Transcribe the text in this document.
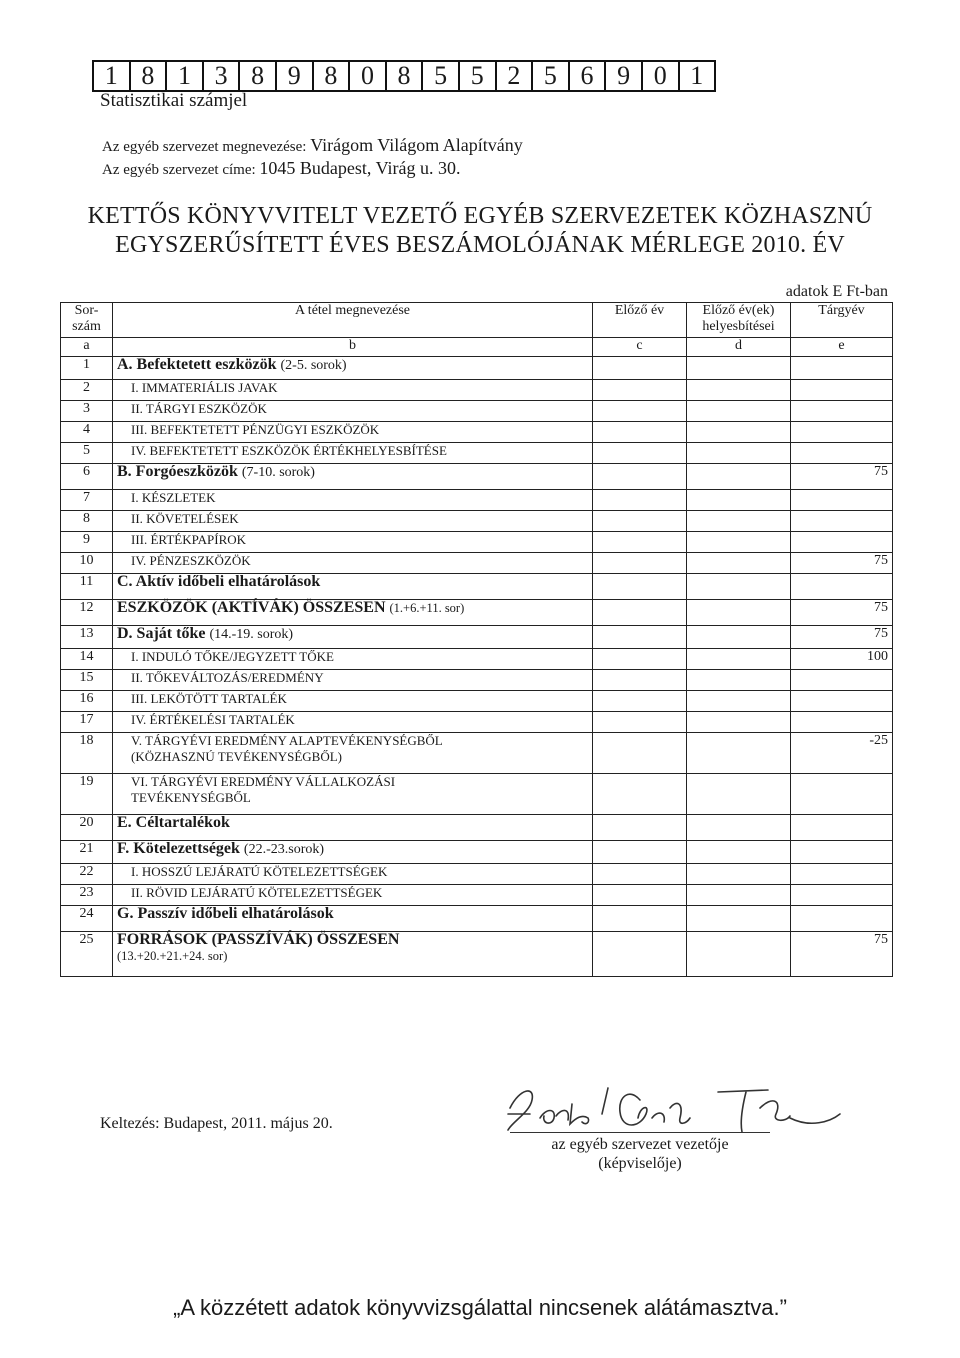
1 8 1 3 8 9 8 0 8 5 5 2 5 6 9 0 1
Statisztikai számjel
Az egyéb szervezet megnevezése: Virágom Világom Alapítvány
Az egyéb szervezet címe: 1045 Budapest, Virág u. 30.
KETTŐS KÖNYVVITELT VEZETŐ EGYÉB SZERVEZETEK KÖZHASZNÚ
EGYSZERŰSÍTETT ÉVES BESZÁMOLÓJÁNAK MÉRLEGE 2010. ÉV
adatok E Ft-ban
Sor-szám	A tétel megnevezése	Előző év	Előző év(ek) helyesbítései	Tárgyév
a	b	c	d	e
1	A. Befektetett eszközök (2-5. sorok)			
2	I. IMMATERIÁLIS JAVAK			
3	II. TÁRGYI ESZKÖZÖK			
4	III. BEFEKTETETT PÉNZÜGYI ESZKÖZÖK			
5	IV. BEFEKTETETT ESZKÖZÖK ÉRTÉKHELYESBÍTÉSE			
6	B. Forgóeszközök (7-10. sorok)			75
7	I. KÉSZLETEK			
8	II. KÖVETELÉSEK			
9	III. ÉRTÉKPAPÍROK			
10	IV. PÉNZESZKÖZÖK			75
11	C. Aktív időbeli elhatárolások			
12	ESZKÖZÖK (AKTÍVÁK) ÖSSZESEN (1.+6.+11. sor)			75
13	D. Saját tőke (14.-19. sorok)			75
14	I. INDULÓ TŐKE/JEGYZETT TŐKE			100
15	II. TŐKEVÁLTOZÁS/EREDMÉNY			
16	III. LEKÖTÖTT TARTALÉK			
17	IV. ÉRTÉKELÉSI TARTALÉK			
18	V. TÁRGYÉVI EREDMÉNY ALAPTEVÉKENYSÉGBŐL
(KÖZHASZNÚ TEVÉKENYSÉGBŐL)			-25
19	VI. TÁRGYÉVI EREDMÉNY VÁLLALKOZÁSI
TEVÉKENYSÉGBŐL			

20	E. Céltartalékok			
21	F. Kötelezettségek (22.-23.sorok)			
22	I. HOSSZÚ LEJÁRATÚ KÖTELEZETTSÉGEK			
23	II. RÖVID LEJÁRATÚ KÖTELEZETTSÉGEK			
24	G. Passzív időbeli elhatárolások			
25	FORRÁSOK (PASSZÍVÁK) ÖSSZESEN
(13.+20.+21.+24. sor)			75
Keltezés: Budapest, 2011. május 20.
az egyéb szervezet vezetője
(képviselője)
„A közzétett adatok könyvvizsgálattal nincsenek alátámasztva.”
